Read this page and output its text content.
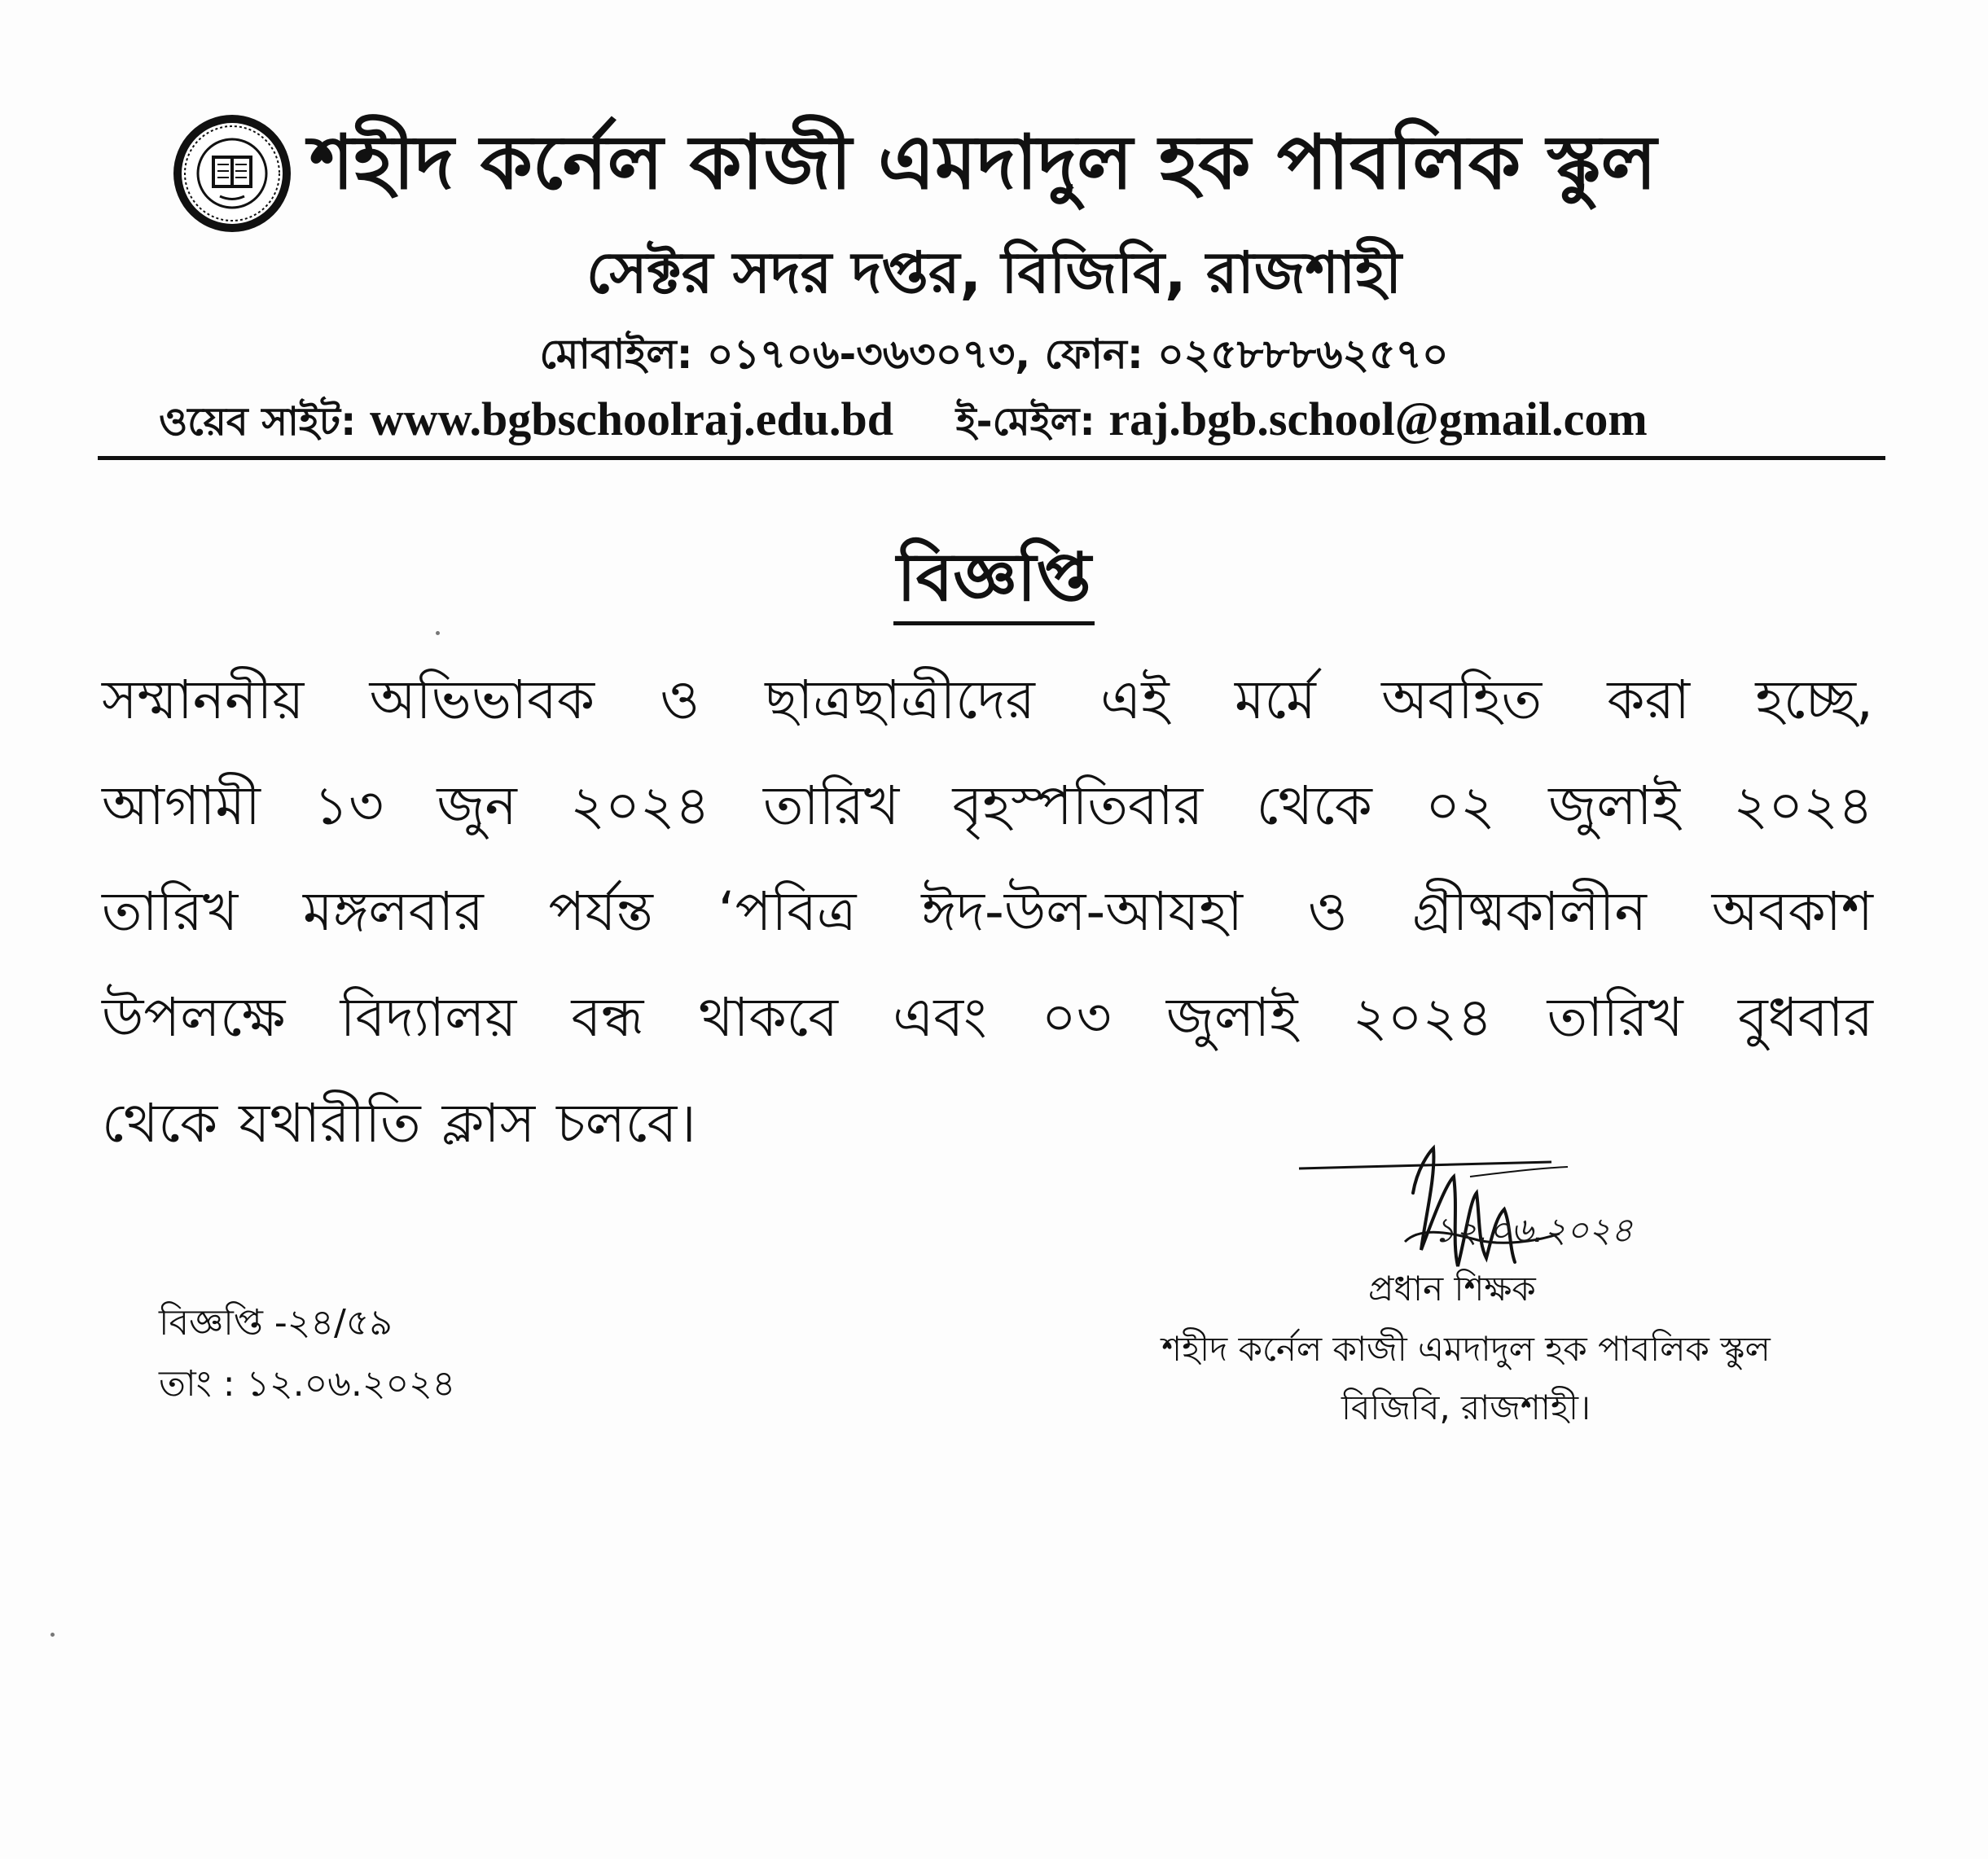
শহীদ কর্নেল কাজী এমদাদুল হক পাবলিক স্কুল
সেক্টর সদর দপ্তর, বিজিবি, রাজশাহী
মোবাইল: ০১৭০৬-৩৬৩০৭৩, ফোন: ০২৫৮৮৮৬২৫৭০
ওয়েব সাইট: www.bgbschoolraj.edu.bd ই-মেইল: raj.bgb.school@gmail.com
বিজ্ঞপ্তি
সম্মাননীয় অভিভাবক ও ছাত্রছাত্রীদের এই মর্মে অবহিত করা হচ্ছে,
আগামী ১৩ জুন ২০২৪ তারিখ বৃহস্পতিবার থেকে ০২ জুলাই ২০২৪
তারিখ মঙ্গলবার পর্যন্ত ‘পবিত্র ঈদ-উল-আযহা ও গ্রীষ্মকালীন অবকাশ
উপলক্ষে বিদ্যালয় বন্ধ থাকবে এবং ০৩ জুলাই ২০২৪ তারিখ বুধবার
থেকে যথারীতি ক্লাস চলবে।
বিজ্ঞপ্তি -২৪/৫৯
তাং : ১২.০৬.২০২৪
১২.০৬.২০২৪
প্রধান শিক্ষক
শহীদ কর্নেল কাজী এমদাদুল হক পাবলিক স্কুল
বিজিবি, রাজশাহী।
